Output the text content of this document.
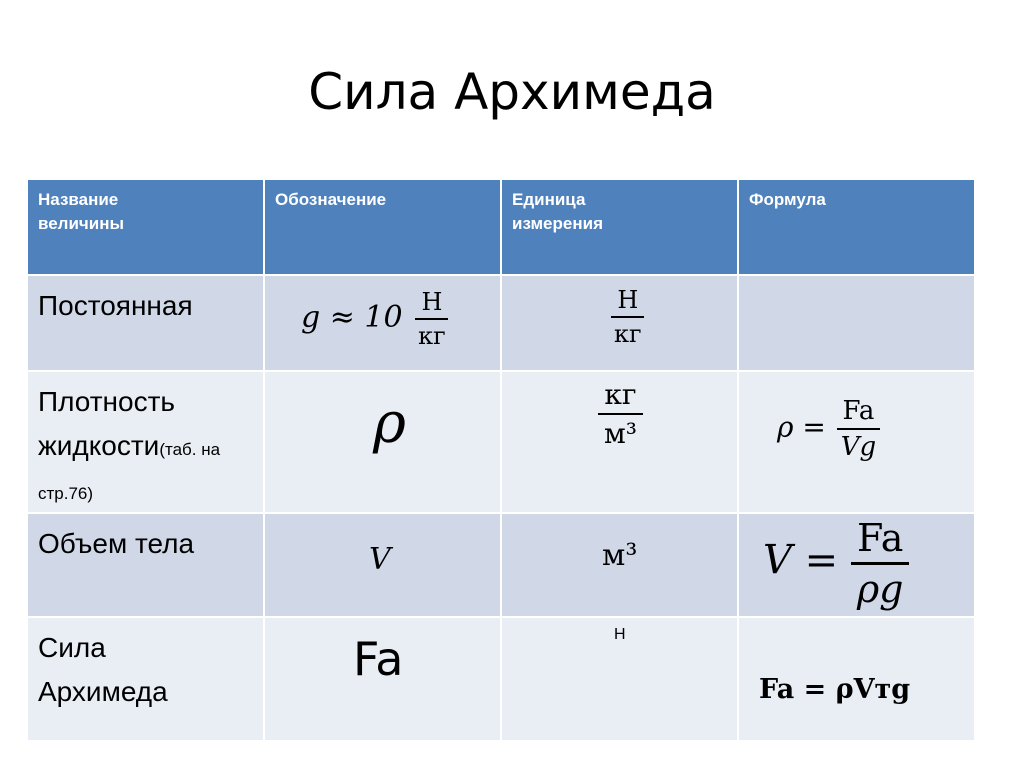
Сила Архимеда
Название величины	Обозначение	Единица измерения	Формула

Постоянная	$g \approx 10 \frac{Н}{кг}$	$\frac{Н}{кг}$

Плотность жидкости(таб. на стр.76)	ρ	$\frac{кг}{\text{м³}}$	$\rho = \frac{Fa}{Vg}$

Объем тела	V	м³	$V = \frac{Fa}{\rho g}$

Сила Архимеда	Fa	Н	Fa = ρVтg
